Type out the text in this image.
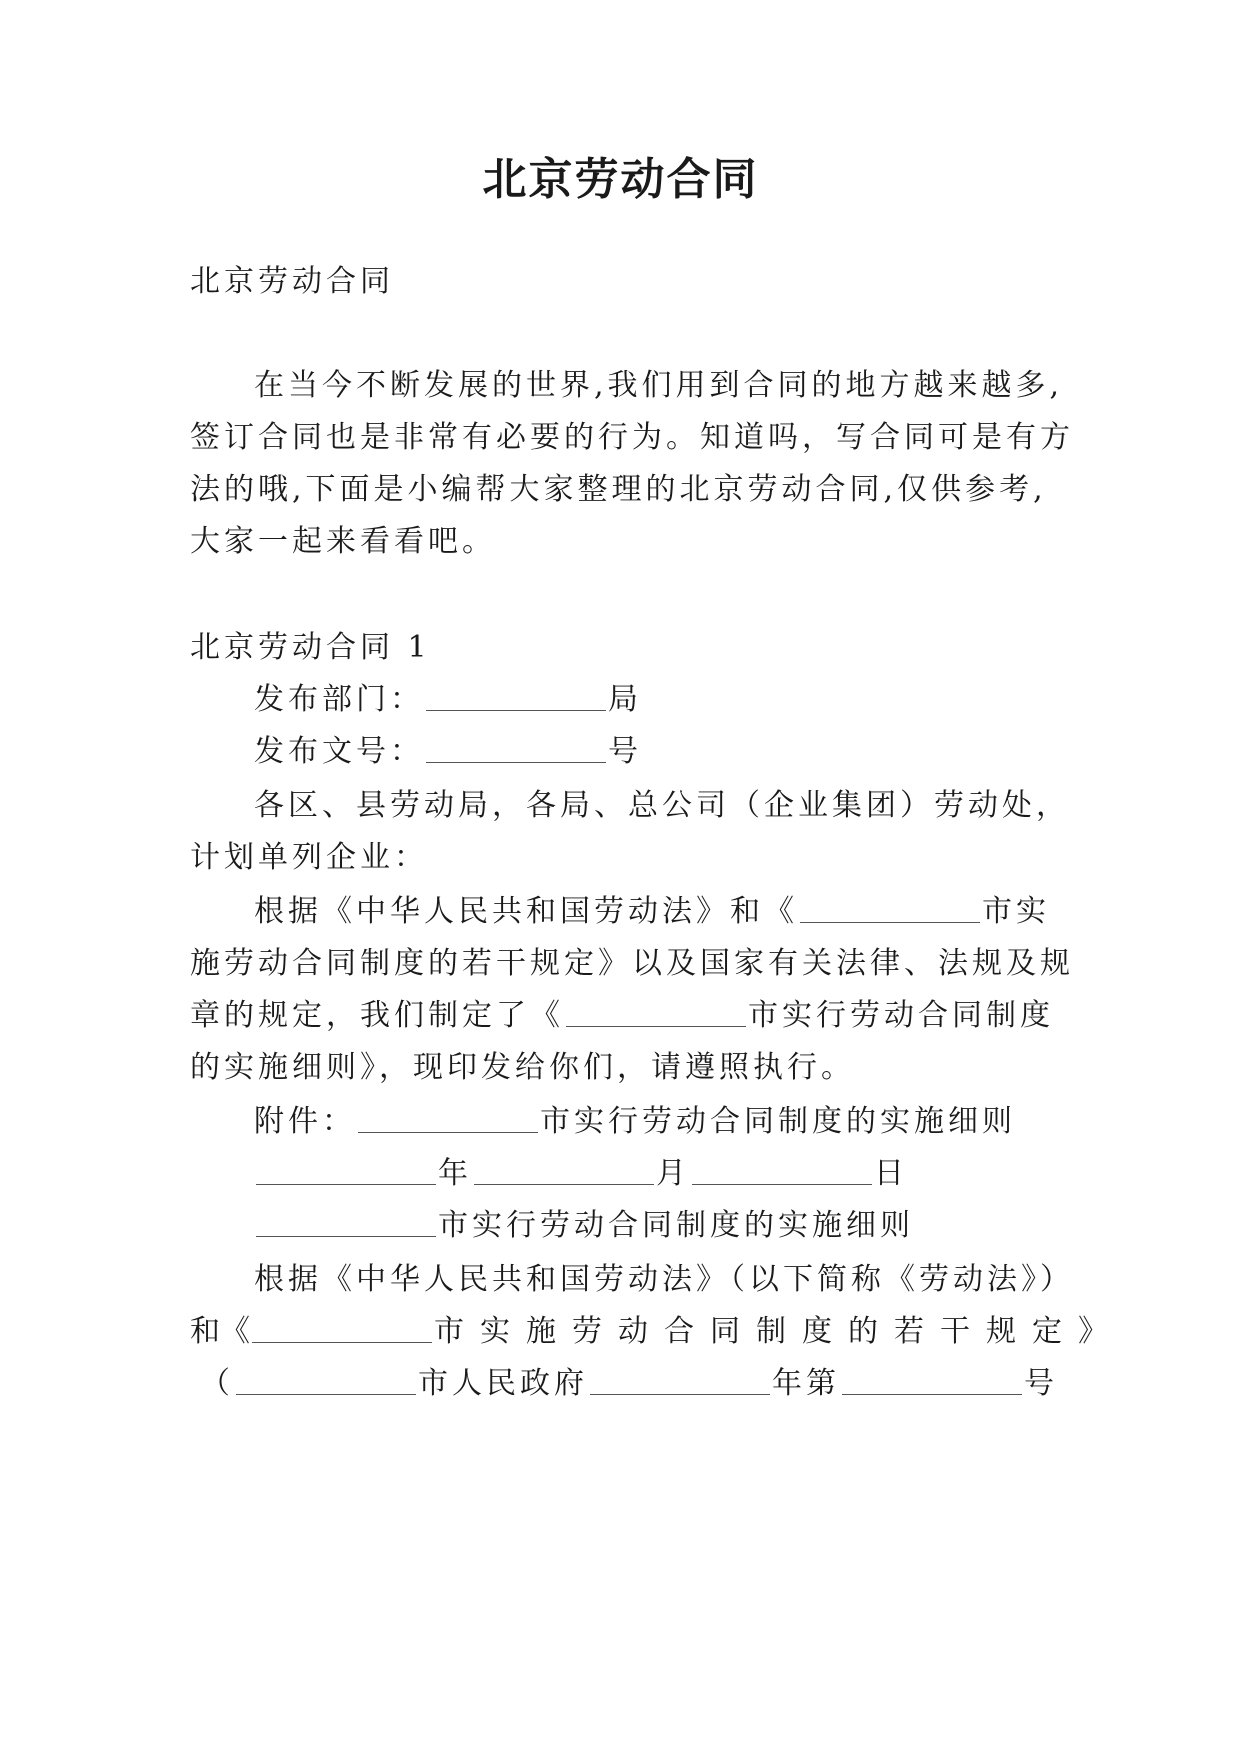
北京劳动合同
北京劳动合同
在当今不断发展的世界,我们用到合同的地方越来越多,
签订合同也是非常有必要的行为。知道吗，写合同可是有方
法的哦,下面是小编帮大家整理的北京劳动合同,仅供参考,
大家一起来看看吧。
北京劳动合同 1
发布部门：	局
发布文号：	号
各区、县劳动局，各局、总公司（企业集团）劳动处，
计划单列企业：
根据《中华人民共和国劳动法》和《	市实
施劳动合同制度的若干规定》以及国家有关法律、法规及规
章的规定，我们制定了《	市实行劳动合同制度
的实施细则》，现印发给你们，请遵照执行。
附件：	市实行劳动合同制度的实施细则
年	月	日
市实行劳动合同制度的实施细则
根据《中华人民共和国劳动法》（以下简称《劳动法》）
和《	市实施劳动合同制度的若干规定》
（	市人民政府	年第	号
